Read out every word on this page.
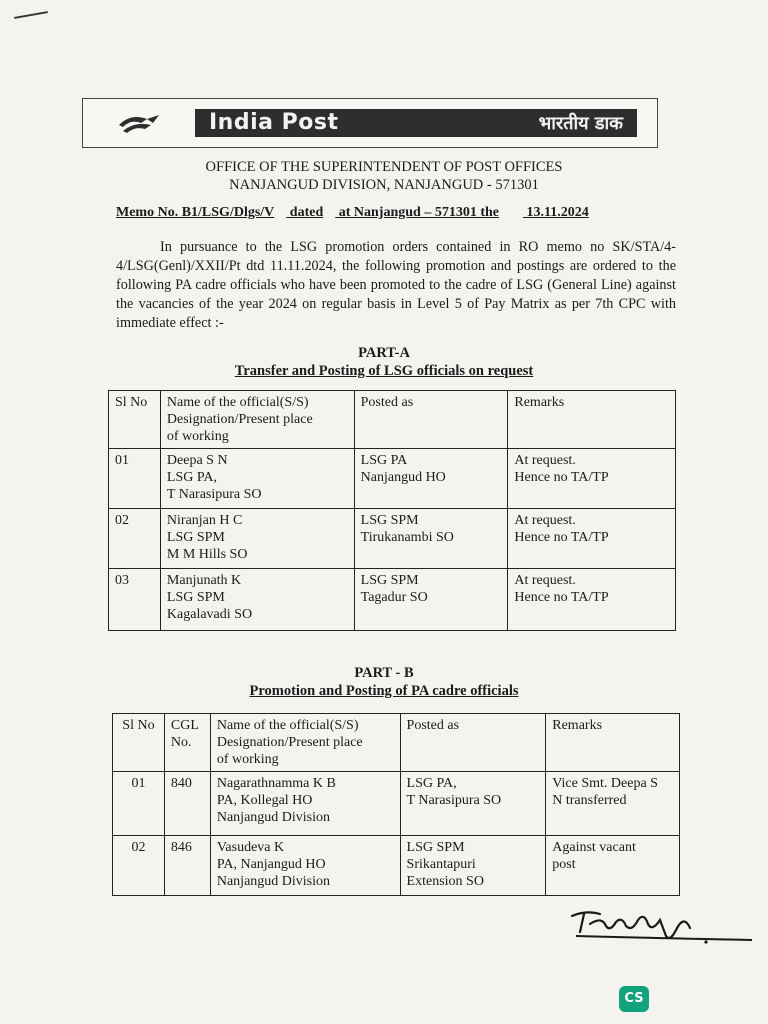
India Post	भारतीय डाक
OFFICE OF THE SUPERINTENDENT OF POST OFFICES
NANJANGUD DIVISION, NANJANGUD - 571301
Memo No. B1/LSG/Dlgs/V dated at Nanjangud – 571301 the 13.11.2024
In pursuance to the LSG promotion orders contained in RO memo no SK/STA/4-4/LSG(Genl)/XXII/Pt dtd 11.11.2024, the following promotion and postings are ordered to the following PA cadre officials who have been promoted to the cadre of LSG (General Line) against the vacancies of the year 2024 on regular basis in Level 5 of Pay Matrix as per 7th CPC with immediate effect :-
PART-A
Transfer and Posting of LSG officials on request
Sl No	Name of the official(S/S)
Designation/Present place
of working	Posted as	Remarks
01	Deepa S N
LSG PA,
T Narasipura SO	LSG PA
Nanjangud HO	At request.
Hence no TA/TP

02	Niranjan H C
LSG SPM
M M Hills SO	LSG SPM
Tirukanambi SO	At request.
Hence no TA/TP

03	Manjunath K
LSG SPM
Kagalavadi SO	LSG SPM
Tagadur SO	At request.
Hence no TA/TP
PART - B
Promotion and Posting of PA cadre officials
Sl No	CGL
No.	Name of the official(S/S)
Designation/Present place
of working	Posted as	Remarks
01	840	Nagarathnamma K B
PA, Kollegal HO
Nanjangud Division	LSG PA,
T Narasipura SO	Vice Smt. Deepa S
N transferred

02	846	Vasudeva K
PA, Nanjangud HO
Nanjangud Division	LSG SPM
Srikantapuri
Extension SO	Against vacant
post
CS
